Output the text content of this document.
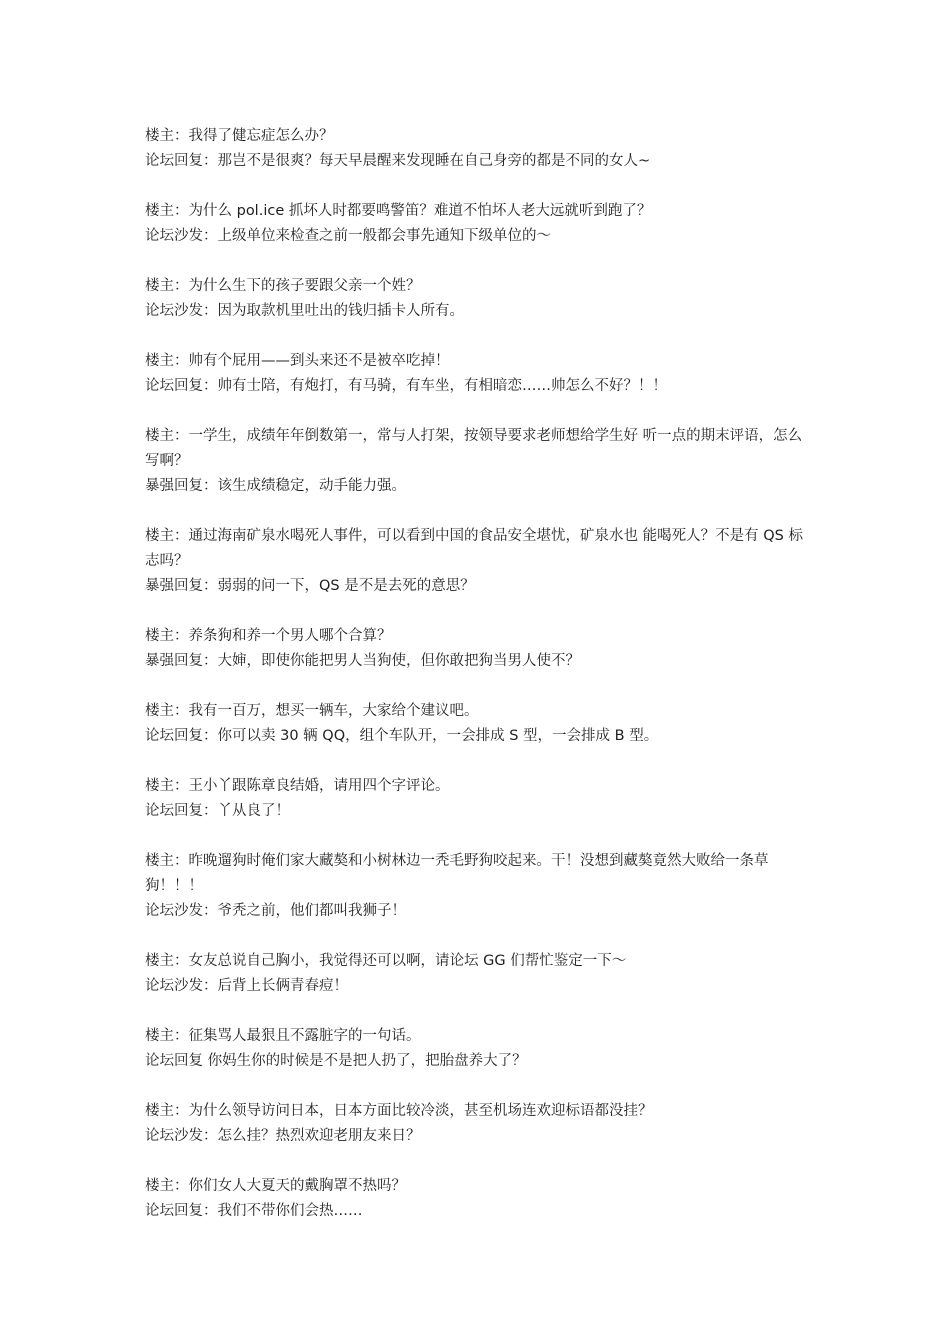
楼主：我得了健忘症怎么办？
论坛回复：那岂不是很爽？每天早晨醒来发现睡在自己身旁的都是不同的女人~
楼主：为什么 pol.ice 抓坏人时都要鸣警笛？难道不怕坏人老大远就听到跑了？
论坛沙发：上级单位来检查之前一般都会事先通知下级单位的～
楼主：为什么生下的孩子要跟父亲一个姓？
论坛沙发：因为取款机里吐出的钱归插卡人所有。
楼主：帅有个屁用——到头来还不是被卒吃掉！
论坛回复：帅有士陪，有炮打，有马骑，有车坐，有相暗恋……帅怎么不好？！！
楼主：一学生，成绩年年倒数第一，常与人打架，按领导要求老师想给学生好 听一点的期末评语，怎么写啊？
暴强回复：该生成绩稳定，动手能力强。
楼主：通过海南矿泉水喝死人事件，可以看到中国的食品安全堪忧，矿泉水也 能喝死人？不是有 QS 标志吗？
暴强回复：弱弱的问一下，QS 是不是去死的意思？
楼主：养条狗和养一个男人哪个合算？
暴强回复：大婶，即使你能把男人当狗使，但你敢把狗当男人使不？
楼主：我有一百万，想买一辆车，大家给个建议吧。
论坛回复：你可以卖 30 辆 QQ，组个车队开，一会排成 S 型，一会排成 B 型。
楼主：王小丫跟陈章良结婚，请用四个字评论。
论坛回复：丫从良了！
楼主：昨晚遛狗时俺们家大藏獒和小树林边一秃毛野狗咬起来。干！没想到藏獒竟然大败给一条草狗！！！
论坛沙发：爷秃之前，他们都叫我狮子！
楼主：女友总说自己胸小，我觉得还可以啊，请论坛 GG 们帮忙鉴定一下～
论坛沙发：后背上长俩青春痘！
楼主：征集骂人最狠且不露脏字的一句话。
论坛回复 你妈生你的时候是不是把人扔了，把胎盘养大了？
楼主：为什么领导访问日本，日本方面比较冷淡，甚至机场连欢迎标语都没挂？
论坛沙发：怎么挂？热烈欢迎老朋友来日？
楼主：你们女人大夏天的戴胸罩不热吗？
论坛回复：我们不带你们会热……
